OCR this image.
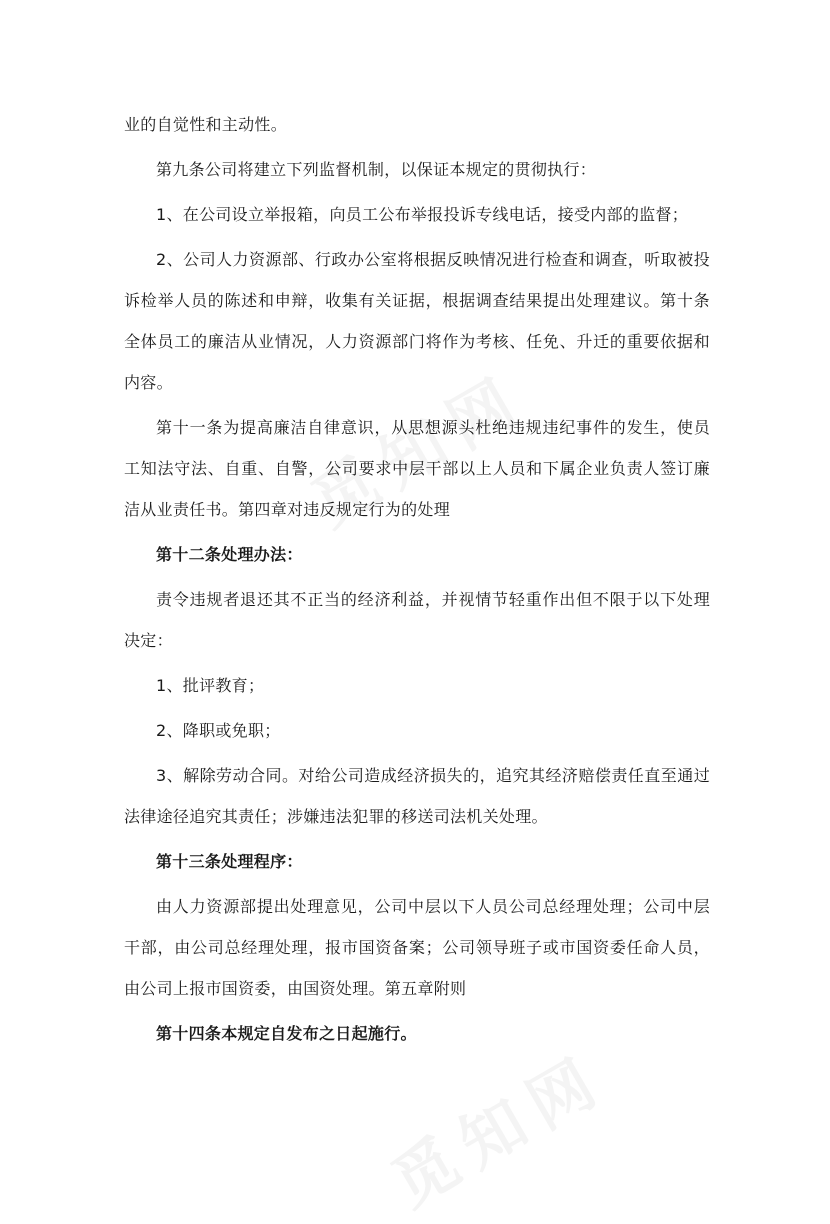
业的自觉性和主动性。

第九条公司将建立下列监督机制，以保证本规定的贯彻执行：

1、在公司设立举报箱，向员工公布举报投诉专线电话，接受内部的监督；

2、公司人力资源部、行政办公室将根据反映情况进行检查和调查，听取被投诉检举人员的陈述和申辩，收集有关证据，根据调查结果提出处理建议。第十条全体员工的廉洁从业情况，人力资源部门将作为考核、任免、升迁的重要依据和内容。

第十一条为提高廉洁自律意识，从思想源头杜绝违规违纪事件的发生，使员工知法守法、自重、自警，公司要求中层干部以上人员和下属企业负责人签订廉洁从业责任书。第四章对违反规定行为的处理

第十二条处理办法：

责令违规者退还其不正当的经济利益，并视情节轻重作出但不限于以下处理决定：

1、批评教育；

2、降职或免职；

3、解除劳动合同。对给公司造成经济损失的，追究其经济赔偿责任直至通过法律途径追究其责任；涉嫌违法犯罪的移送司法机关处理。

第十三条处理程序：

由人力资源部提出处理意见，公司中层以下人员公司总经理处理；公司中层干部，由公司总经理处理，报市国资备案；公司领导班子或市国资委任命人员，由公司上报市国资委，由国资处理。第五章附则

第十四条本规定自发布之日起施行。
